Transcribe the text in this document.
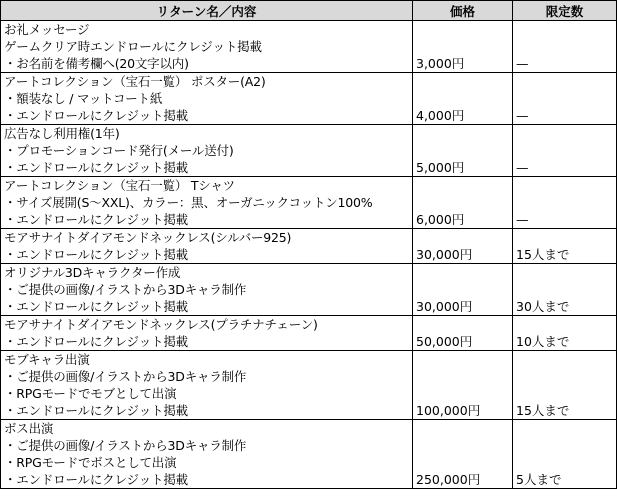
リターン名／内容	価格	限定数

お礼メッセージ
ゲームクリア時エンドロールにクレジット掲載
・お名前を備考欄へ(20文字以内)	3,000円	—

アートコレクション（宝石一覧） ポスター(A2)
・額装なし / マットコート紙
・エンドロールにクレジット掲載	4,000円	—

広告なし利用権(1年)
・プロモーションコード発行(メール送付)
・エンドロールにクレジット掲載	5,000円	—

アートコレクション（宝石一覧） Tシャツ
・サイズ展開(S〜XXL)、カラー：黒、オーガニックコットン100%
・エンドロールにクレジット掲載	6,000円	—

モアサナイトダイアモンドネックレス(シルバー925)
・エンドロールにクレジット掲載	30,000円	15人まで

オリジナル3Dキャラクター作成
・ご提供の画像/イラストから3Dキャラ制作
・エンドロールにクレジット掲載	30,000円	30人まで

モアサナイトダイアモンドネックレス(プラチナチェーン)
・エンドロールにクレジット掲載	50,000円	10人まで

モブキャラ出演
・ご提供の画像/イラストから3Dキャラ制作
・RPGモードでモブとして出演
・エンドロールにクレジット掲載	100,000円	15人まで

ボス出演
・ご提供の画像/イラストから3Dキャラ制作
・RPGモードでボスとして出演
・エンドロールにクレジット掲載	250,000円	5人まで
